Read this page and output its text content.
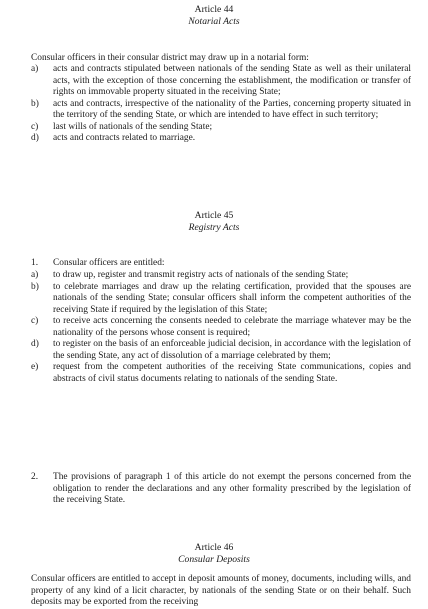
Article 44
Notarial Acts

Consular officers in their consular district may draw up in a notarial form:

a) acts and contracts stipulated between nationals of the sending State as well as their unilateral acts, with the exception of those concerning the establishment, the modification or transfer of rights on immovable property situated in the receiving State;
b) acts and contracts, irrespective of the nationality of the Parties, concerning property situated in the territory of the sending State, or which are intended to have effect in such territory;
c) last wills of nationals of the sending State;
d) acts and contracts related to marriage.
Article 45
Registry Acts

1. Consular officers are entitled:

a) to draw up, register and transmit registry acts of nationals of the sending State;
b) to celebrate marriages and draw up the relating certification, provided that the spouses are nationals of the sending State; consular officers shall inform the competent authorities of the receiving State if required by the legislation of this State;
c) to receive acts concerning the consents needed to celebrate the marriage whatever may be the nationality of the persons whose consent is required;
d) to register on the basis of an enforceable judicial decision, in accordance with the legislation of the sending State, any act of dissolution of a marriage celebrated by them;
e) request from the competent authorities of the receiving State communications, copies and abstracts of civil status documents relating to nationals of the sending State.

2. The provisions of paragraph 1 of this article do not exempt the persons concerned from the obligation to render the declarations and any other formality prescribed by the legislation of the receiving State.

Article 46
Consular Deposits

Consular officers are entitled to accept in deposit amounts of money, documents, including wills, and property of any kind of a licit character, by nationals of the sending State or on their behalf. Such deposits may be exported from the receiving
